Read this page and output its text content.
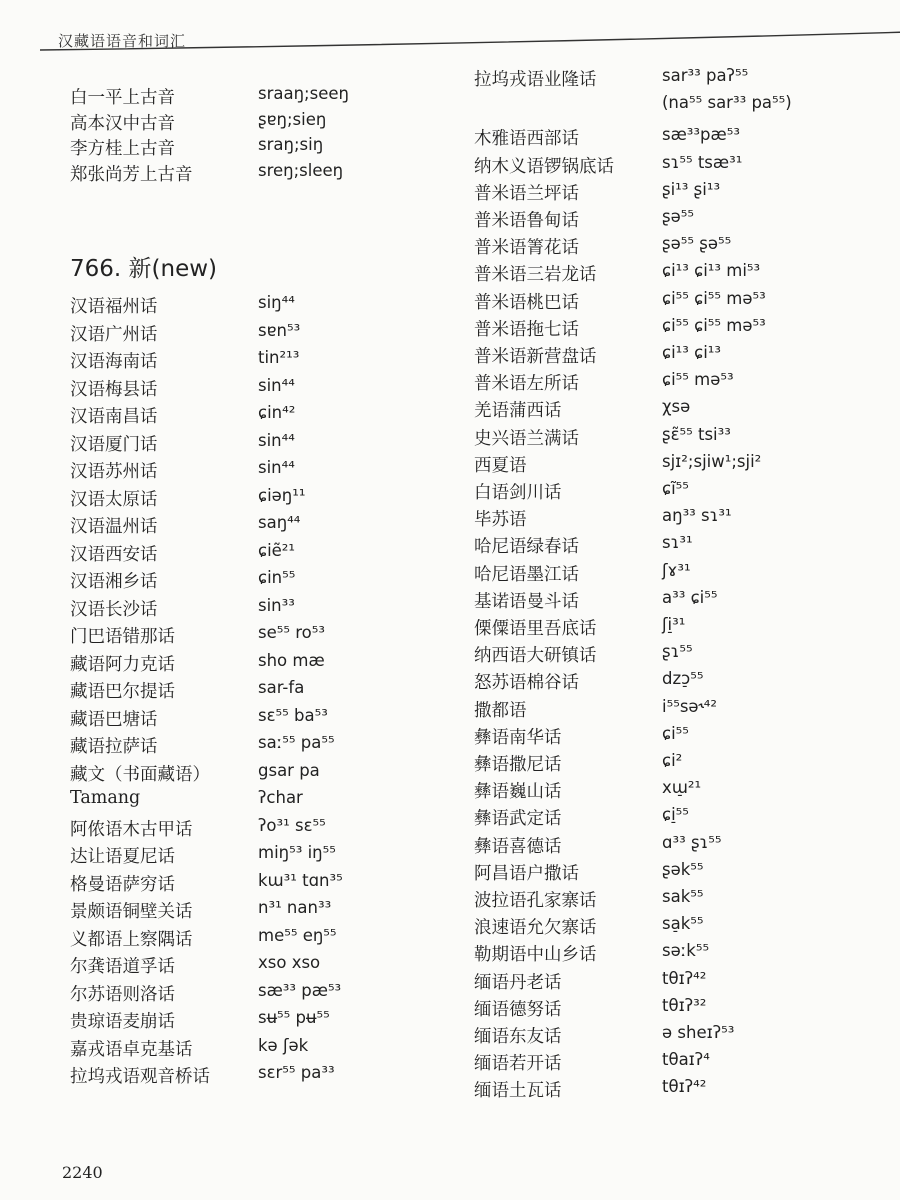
汉藏语语音和词汇
白一平上古音	sraaŋ;seeŋ
高本汉中古音	ʂɐŋ;sieŋ
李方桂上古音	sraŋ;siŋ
郑张尚芳上古音	sreŋ;sleeŋ
766. 新(new)
汉语福州话	siŋ⁴⁴
汉语广州话	sɐn⁵³
汉语海南话	tin²¹³
汉语梅县话	sin⁴⁴
汉语南昌话	ɕin⁴²
汉语厦门话	sin⁴⁴
汉语苏州话	sin⁴⁴
汉语太原话	ɕiəŋ¹¹
汉语温州话	saŋ⁴⁴
汉语西安话	ɕiẽ²¹
汉语湘乡话	ɕin⁵⁵
汉语长沙话	sin³³
门巴语错那话	se⁵⁵ ro⁵³
藏语阿力克话	sho mæ
藏语巴尔提话	sar-fa
藏语巴塘话	sɛ⁵⁵ ba⁵³
藏语拉萨话	saː⁵⁵ pa⁵⁵
藏文（书面藏语）	gsar pa
Tamang	ʔchar
阿侬语木古甲话	ʔo³¹ sɛ⁵⁵
达让语夏尼话	miŋ⁵³ iŋ⁵⁵
格曼语萨穷话	kɯ³¹ tɑn³⁵
景颇语铜壁关话	n³¹ nan³³
义都语上察隅话	me⁵⁵ eŋ⁵⁵
尔龚语道孚话	xso xso
尔苏语则洛话	sæ³³ pæ⁵³
贵琼语麦崩话	sʉ⁵⁵ pʉ⁵⁵
嘉戎语卓克基话	kə ʃək
拉坞戎语观音桥话	sɛr⁵⁵ pa³³
拉坞戎语业隆话	sar³³ paʔ⁵⁵
(na⁵⁵ sar³³ pa⁵⁵)
木雅语西部话	sæ³³pæ⁵³
纳木义语锣锅底话	sɿ⁵⁵ tsæ³¹
普米语兰坪话	ʂi¹³ ʂi¹³
普米语鲁甸话	ʂə⁵⁵
普米语箐花话	ʂə⁵⁵ ʂə⁵⁵
普米语三岩龙话	ɕi¹³ ɕi¹³ mi⁵³
普米语桃巴话	ɕi⁵⁵ ɕi⁵⁵ mə⁵³
普米语拖七话	ɕi⁵⁵ ɕi⁵⁵ mə⁵³
普米语新营盘话	ɕi¹³ ɕi¹³
普米语左所话	ɕi⁵⁵ mə⁵³
羌语蒲西话	χsə
史兴语兰满话	ʂɛ̃⁵⁵ tsi³³
西夏语	sjɪ²;sjiw¹;sji²
白语剑川话	ɕĩ⁵⁵
毕苏语	aŋ³³ sɿ³¹
哈尼语绿春话	sɿ³¹
哈尼语墨江话	ʃɤ³¹
基诺语曼斗话	a³³ ɕi⁵⁵
傈僳语里吾底话	ʃi̠³¹
纳西语大研镇话	ʂɿ⁵⁵
怒苏语棉谷话	dzɔ̠⁵⁵
撒都语	i⁵⁵sə˞⁴²
彝语南华话	ɕi⁵⁵
彝语撒尼话	ɕi²
彝语巍山话	xɯ̠²¹
彝语武定话	ɕi̠⁵⁵
彝语喜德话	ɑ³³ ʂɿ⁵⁵
阿昌语户撒话	ʂək⁵⁵
波拉语孔家寨话	sak⁵⁵
浪速语允欠寨话	sa̠k⁵⁵
勒期语中山乡话	səːk⁵⁵
缅语丹老话	tθɪʔ⁴²
缅语德努话	tθɪʔ³²
缅语东友话	ə sheɪʔ⁵³
缅语若开话	tθaɪʔ⁴
缅语土瓦话	tθɪʔ⁴²
2240
